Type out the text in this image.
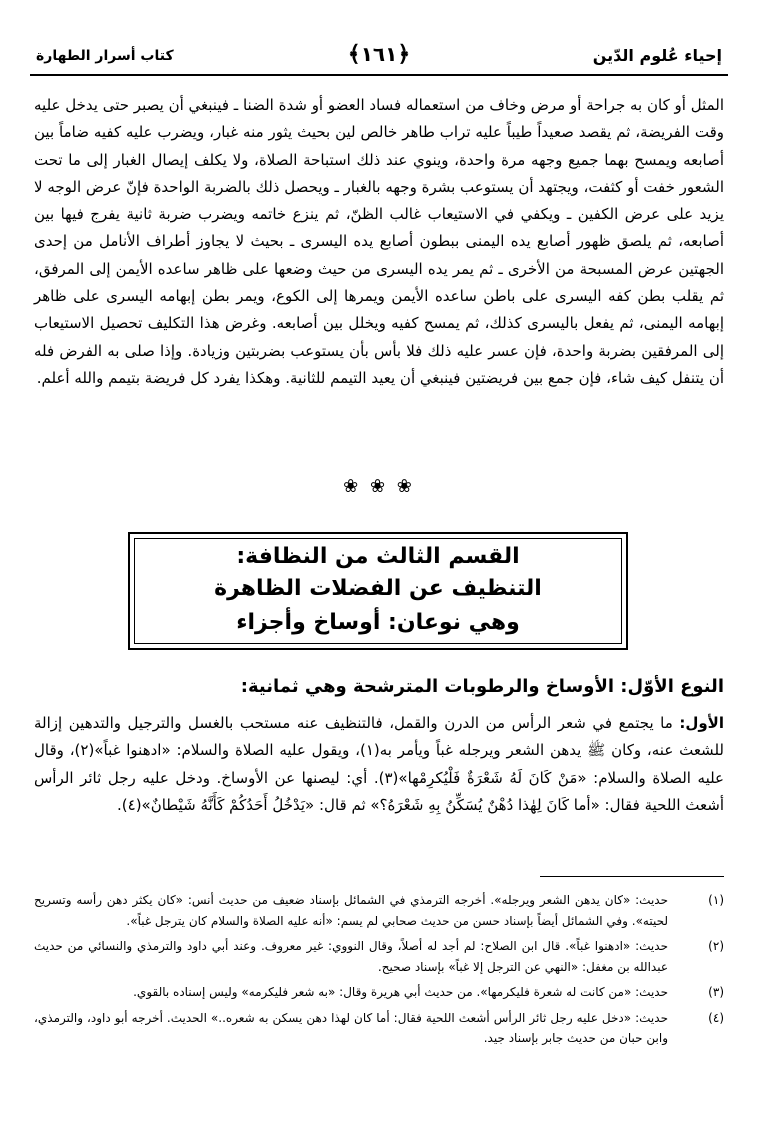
إحياء عُلوم الدّين
﴿١٦١﴾
كتاب أسرار الطهارة
المثل أو كان به جراحة أو مرض وخاف من استعماله فساد العضو أو شدة الضنا ـ فينبغي أن يصبر حتى يدخل عليه وقت الفريضة، ثم يقصد صعيداً طيباً عليه تراب طاهر خالص لين بحيث يثور منه غبار، ويضرب عليه كفيه ضاماً بين أصابعه ويمسح بهما جميع وجهه مرة واحدة، وينوي عند ذلك استباحة الصلاة، ولا يكلف إيصال الغبار إلى ما تحت الشعور خفت أو كثفت، ويجتهد أن يستوعب بشرة وجهه بالغبار ـ ويحصل ذلك بالضربة الواحدة فإنّ عرض الوجه لا يزيد على عرض الكفين ـ ويكفي في الاستيعاب غالب الظنّ، ثم ينزع خاتمه ويضرب ضربة ثانية يفرج فيها بين أصابعه، ثم يلصق ظهور أصابع يده اليمنى ببطون أصابع يده اليسرى ـ بحيث لا يجاوز أطراف الأنامل من إحدى الجهتين عرض المسبحة من الأخرى ـ ثم يمر يده اليسرى من حيث وضعها على ظاهر ساعده الأيمن إلى المرفق، ثم يقلب بطن كفه اليسرى على باطن ساعده الأيمن ويمرها إلى الكوع، ويمر بطن إبهامه اليسرى على ظاهر إبهامه اليمنى، ثم يفعل باليسرى كذلك، ثم يمسح كفيه ويخلل بين أصابعه. وغرض هذا التكليف تحصيل الاستيعاب إلى المرفقين بضربة واحدة، فإن عسر عليه ذلك فلا بأس بأن يستوعب بضربتين وزيادة. وإذا صلى به الفرض فله أن يتنفل كيف شاء، فإن جمع بين فريضتين فينبغي أن يعيد التيمم للثانية. وهكذا يفرد كل فريضة بتيمم والله أعلم.
❀ ❀ ❀
القسم الثالث من النظافة:
التنظيف عن الفضلات الظاهرة
وهي نوعان: أوساخ وأجزاء
النوع الأوّل: الأوساخ والرطوبات المترشحة وهي ثمانية:
الأول: ما يجتمع في شعر الرأس من الدرن والقمل، فالتنظيف عنه مستحب بالغسل والترجيل والتدهين إزالة للشعث عنه، وكان ﷺ يدهن الشعر ويرجله غباً ويأمر به(١)، ويقول عليه الصلاة والسلام: «ادهنوا غباً»(٢)، وقال عليه الصلاة والسلام: «مَنْ كَانَ لَهُ شَعْرَةٌ فَلْيُكرِمْها»(٣). أي: ليصنها عن الأوساخ. ودخل عليه رجل ثائر الرأس أشعث اللحية فقال: «أما كَانَ لِهٰذا دُهْنٌ يُسَكِّنُ بِهِ شَعْرَهُ؟» ثم قال: «يَدْخُلُ أَحَدُكُمْ كَأَنَّهُ شَيْطانٌ»(٤).
(١)
حديث: «كان يدهن الشعر ويرجله». أخرجه الترمذي في الشمائل بإسناد ضعيف من حديث أنس: «كان يكثر دهن رأسه وتسريح لحيته». وفي الشمائل أيضاً بإسناد حسن من حديث صحابي لم يسم: «أنه عليه الصلاة والسلام كان يترجل غباً».
(٢)
حديث: «ادهنوا غباً». قال ابن الصلاح: لم أجد له أصلاً، وقال النووي: غير معروف. وعند أبي داود والترمذي والنسائي من حديث عبدالله بن مغفل: «النهي عن الترجل إلا غباً» بإسناد صحيح.
(٣)
حديث: «من كانت له شعرة فليكرمها». من حديث أبي هريرة وقال: «به شعر فليكرمه» وليس إسناده بالقوي.
(٤)
حديث: «دخل عليه رجل ثائر الرأس أشعث اللحية فقال: أما كان لهذا دهن يسكن به شعره..» الحديث. أخرجه أبو داود، والترمذي، وابن حبان من حديث جابر بإسناد جيد.
